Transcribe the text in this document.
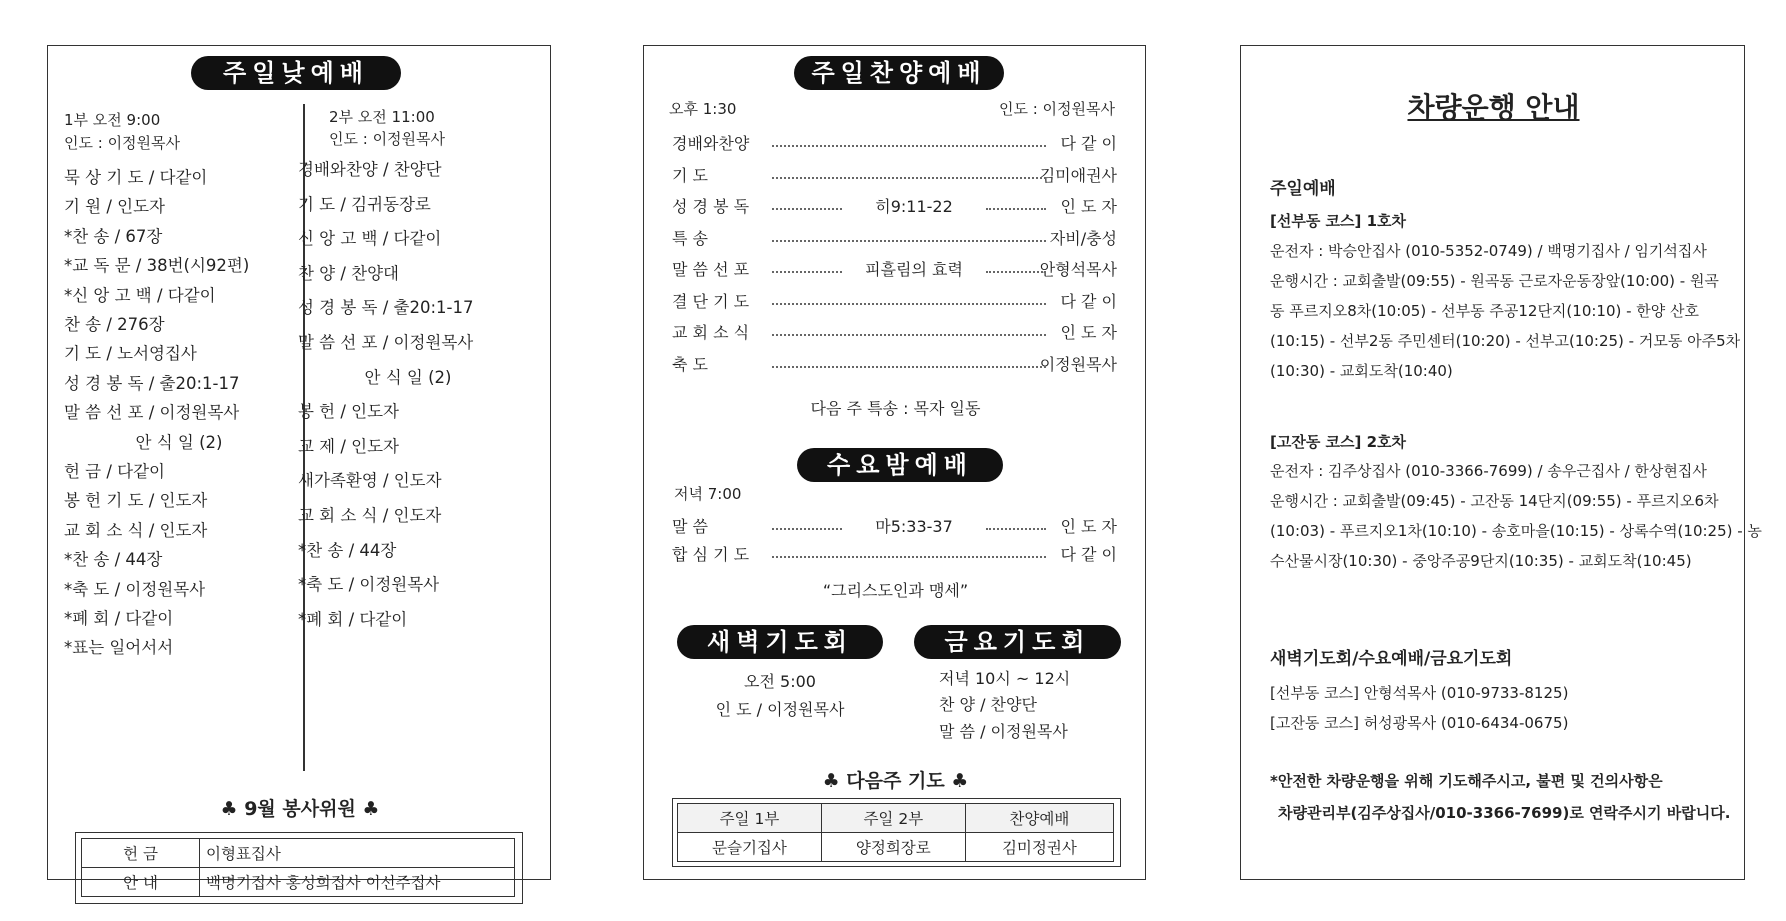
주일낮예배
1부 오전 9:00
인도 : 이정원목사
2부 오전 11:00
인도 : 이정원목사
묵 상 기 도 / 다같이
기 원 / 인도자
*찬 송 / 67장
*교 독 문 / 38번(시92편)
*신 앙 고 백 / 다같이
찬 송 / 276장
기 도 / 노서영집사
성 경 봉 독 / 출20:1-17
말 씀 선 포 / 이정원목사
안 식 일 (2)
헌 금 / 다같이
봉 헌 기 도 / 인도자
교 회 소 식 / 인도자
*찬 송 / 44장
*축 도 / 이정원목사
*폐 회 / 다같이
*표는 일어서서
경배와찬양 / 찬양단
기 도 / 김귀동장로
신 앙 고 백 / 다같이
찬 양 / 찬양대
성 경 봉 독 / 출20:1-17
말 씀 선 포 / 이정원목사
안 식 일 (2)
봉 헌 / 인도자
교 제 / 인도자
새가족환영 / 인도자
교 회 소 식 / 인도자
*찬 송 / 44장
*축 도 / 이정원목사
*폐 회 / 다같이
♣ 9월 봉사위원 ♣
헌 금	이형표집사
안 내	백명기집사 홍성희집사 이선주집사
주일찬양예배
오후 1:30	인도 : 이정원목사
경배와찬양	다 같 이
기 도	김미애권사
성 경 봉 독	인 도 자
히9:11-22
특 송	자비/충성
말 씀 선 포	안형석목사
피흘림의 효력
결 단 기 도	다 같 이
교 회 소 식	인 도 자
축 도	이정원목사
다음 주 특송 : 목자 일동
수요밤예배
저녁 7:00
말 씀	인 도 자
마5:33-37
합 심 기 도	다 같 이
“그리스도인과 맹세”
새벽기도회
오전 5:00
인 도 / 이정원목사
금요기도회
저녁 10시 ~ 12시
찬 양 / 찬양단
말 씀 / 이정원목사
♣ 다음주 기도 ♣
주일 1부	주일 2부	찬양예배
문슬기집사	양정희장로	김미정권사
차량운행 안내
주일예배
[선부동 코스] 1호차
운전자 : 박승안집사 (010-5352-0749) / 백명기집사 / 임기석집사
운행시간 : 교회출발(09:55) - 원곡동 근로자운동장앞(10:00) - 원곡
동 푸르지오8차(10:05) - 선부동 주공12단지(10:10) - 한양 산호
(10:15) - 선부2동 주민센터(10:20) - 선부고(10:25) - 거모동 아주5차
(10:30) - 교회도착(10:40)
[고잔동 코스] 2호차
운전자 : 김주상집사 (010-3366-7699) / 송우근집사 / 한상현집사
운행시간 : 교회출발(09:45) - 고잔동 14단지(09:55) - 푸르지오6차
(10:03) - 푸르지오1차(10:10) - 송호마을(10:15) - 상록수역(10:25) - 농
수산물시장(10:30) - 중앙주공9단지(10:35) - 교회도착(10:45)
새벽기도회/수요예배/금요기도회
[선부동 코스] 안형석목사 (010-9733-8125)
[고잔동 코스] 허성광목사 (010-6434-0675)
*안전한 차량운행을 위해 기도해주시고, 불편 및 건의사항은
차량관리부(김주상집사/010-3366-7699)로 연락주시기 바랍니다.
